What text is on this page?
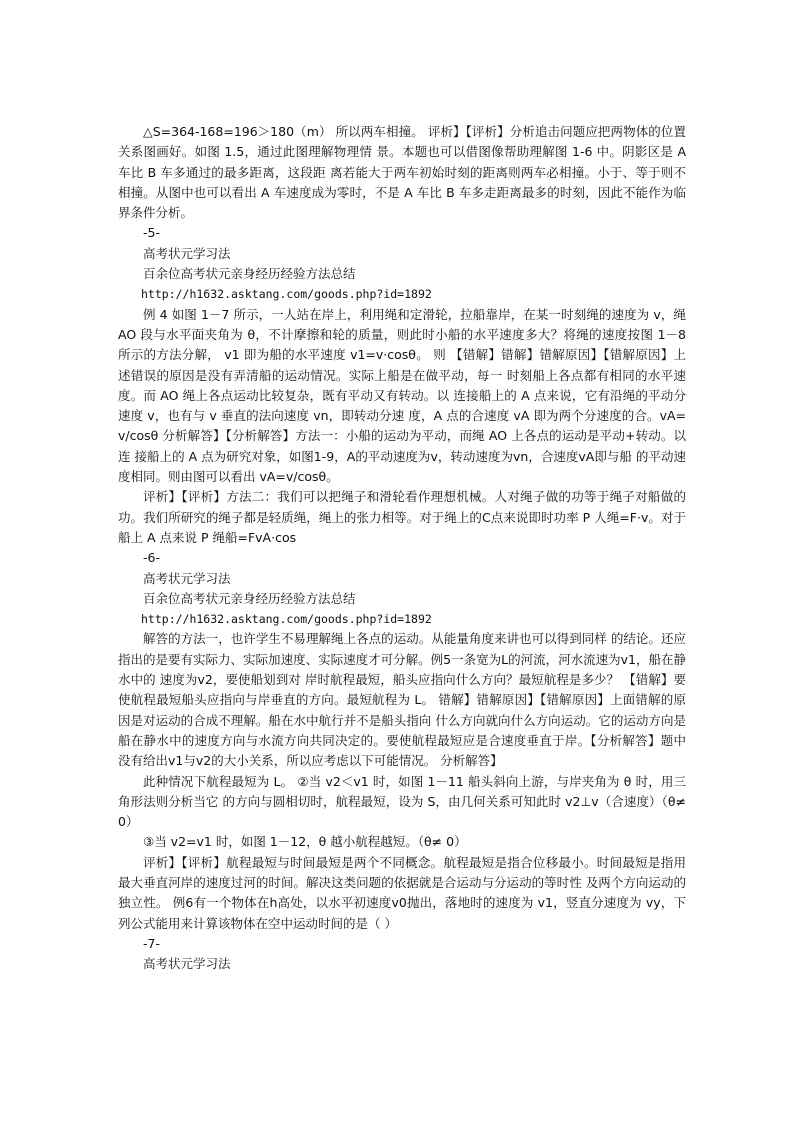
△S=364-168=196＞180（m） 所以两车相撞。 评析】【评析】分析追击问题应把两物体的位置关系图画好。如图 1.5，通过此图理解物理情 景。本题也可以借图像帮助理解图 1-6 中。阴影区是 A 车比 B 车多通过的最多距离，这段距 离若能大于两车初始时刻的距离则两车必相撞。小于、等于则不相撞。从图中也可以看出 A 车速度成为零时，不是 A 车比 B 车多走距离最多的时刻，因此不能作为临界条件分析。

-5-

高考状元学习法

百余位高考状元亲身经历经验方法总结

http://h1632.asktang.com/goods.php?id=1892

例 4 如图 1－7 所示，一人站在岸上，利用绳和定滑轮，拉船靠岸，在某一时刻绳的速度为 v，绳 AO 段与水平面夹角为 θ，不计摩擦和轮的质量，则此时小船的水平速度多大？将绳的速度按图 1－8 所示的方法分解， v1 即为船的水平速度 v1=v·cosθ。 则 【错解】错解】错解原因】【错解原因】上述错误的原因是没有弄清船的运动情况。实际上船是在做平动，每一 时刻船上各点都有相同的水平速度。而 AO 绳上各点运动比较复杂，既有平动又有转动。以 连接船上的 A 点来说，它有沿绳的平动分速度 v，也有与 v 垂直的法向速度 vn，即转动分速 度，A 点的合速度 vA 即为两个分速度的合。vA=v/cosθ 分析解答】【分析解答】方法一：小船的运动为平动，而绳 AO 上各点的运动是平动+转动。以连 接船上的 A 点为研究对象，如图1-9，A的平动速度为v，转动速度为vn，合速度vA即与船 的平动速度相同。则由图可以看出 vA=v/cosθ。

评析】【评析】方法二：我们可以把绳子和滑轮看作理想机械。人对绳子做的功等于绳子对船做的功。我们所研究的绳子都是轻质绳，绳上的张力相等。对于绳上的C点来说即时功率 P 人绳=F·v。对于船上 A 点来说 P 绳船=FvA·cos

-6-

高考状元学习法

百余位高考状元亲身经历经验方法总结

http://h1632.asktang.com/goods.php?id=1892

解答的方法一，也许学生不易理解绳上各点的运动。从能量角度来讲也可以得到同样 的结论。还应指出的是要有实际力、实际加速度、实际速度才可分解。例5一条宽为L的河流，河水流速为v1，船在静水中的 速度为v2，要使船划到对 岸时航程最短，船头应指向什么方向？最短航程是多少？ 【错解】要使航程最短船头应指向与岸垂直的方向。最短航程为 L。 错解】错解原因】【错解原因】上面错解的原因是对运动的合成不理解。船在水中航行并不是船头指向 什么方向就向什么方向运动。它的运动方向是船在静水中的速度方向与水流方向共同决定的。要使航程最短应是合速度垂直于岸。【分析解答】题中没有给出v1与v2的大小关系，所以应考虑以下可能情况。 分析解答】

此种情况下航程最短为 L。 ②当 v2＜v1 时，如图 1－11 船头斜向上游，与岸夹角为 θ 时，用三角形法则分析当它 的方向与圆相切时，航程最短，设为 S，由几何关系可知此时 v2⊥v（合速度）（θ≠0）

③当 v2=v1 时，如图 1－12，θ 越小航程越短。（θ≠ 0）

评析】【评析】航程最短与时间最短是两个不同概念。航程最短是指合位移最小。时间最短是指用最大垂直河岸的速度过河的时间。解决这类问题的依据就是合运动与分运动的等时性 及两个方向运动的独立性。 例6有一个物体在h高处，以水平初速度v0抛出，落地时的速度为 v1，竖直分速度为 vy，下列公式能用来计算该物体在空中运动时间的是（ ）

-7-

高考状元学习法
